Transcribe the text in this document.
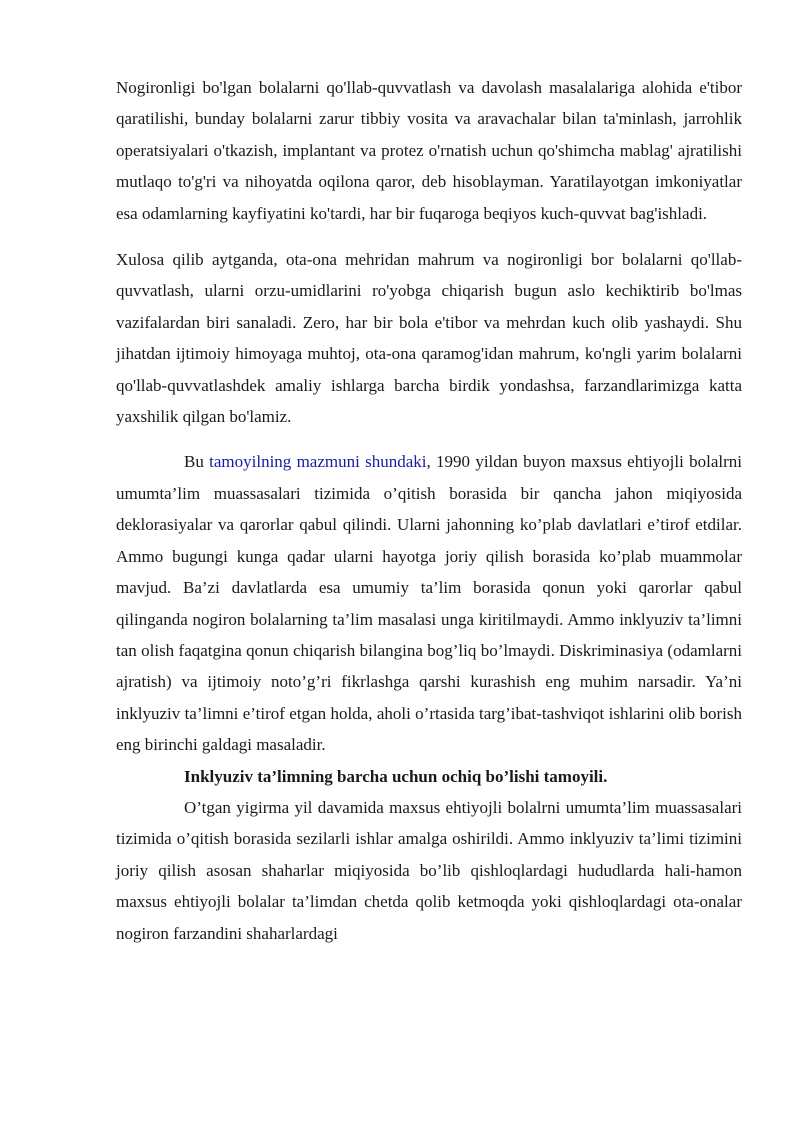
Nogironligi bo'lgan bolalarni qo'llab-quvvatlash va davolash masalalariga alohida e'tibor qaratilishi, bunday bolalarni zarur tibbiy vosita va aravachalar bilan ta'minlash, jarrohlik operatsiyalari o'tkazish, implantant va protez o'rnatish uchun qo'shimcha mablag' ajratilishi mutlaqo to'g'ri va nihoyatda oqilona qaror, deb hisoblayman. Yaratilayotgan imkoniyatlar esa odamlarning kayfiyatini ko'tardi, har bir fuqaroga beqiyos kuch-quvvat bag'ishladi.

Xulosa qilib aytganda, ota-ona mehridan mahrum va nogironligi bor bolalarni qo'llab-quvvatlash, ularni orzu-umidlarini ro'yobga chiqarish bugun aslo kechiktirib bo'lmas vazifalardan biri sanaladi. Zero, har bir bola e'tibor va mehrdan kuch olib yashaydi. Shu jihatdan ijtimoiy himoyaga muhtoj, ota-ona qaramog'idan mahrum, ko'ngli yarim bolalarni qo'llab-quvvatlashdek amaliy ishlarga barcha birdik yondashsa, farzandlarimizga katta yaxshilik qilgan bo'lamiz.

Bu tamoyilning mazmuni shundaki, 1990 yildan buyon maxsus ehtiyojli bolalrni umumta’lim muassasalari tizimida o’qitish borasida bir qancha jahon miqiyosida deklorasiyalar va qarorlar qabul qilindi. Ularni jahonning ko’plab davlatlari e’tirof etdilar. Ammo bugungi kunga qadar ularni hayotga joriy qilish borasida ko’plab muammolar mavjud. Ba’zi davlatlarda esa umumiy ta’lim borasida qonun yoki qarorlar qabul qilinganda nogiron bolalarning ta’lim masalasi unga kiritilmaydi. Ammo inklyuziv ta’limni tan olish faqatgina qonun chiqarish bilangina bog’liq bo’lmaydi. Diskriminasiya (odamlarni ajratish) va ijtimoiy noto’g’ri fikrlashga qarshi kurashish eng muhim narsadir. Ya’ni inklyuziv ta’limni e’tirof etgan holda, aholi o’rtasida targ’ibat-tashviqot ishlarini olib borish eng birinchi galdagi masaladir.

Inklyuziv ta’limning barcha uchun ochiq bo’lishi tamoyili.

O’tgan yigirma yil davamida maxsus ehtiyojli bolalrni umumta’lim muassasalari tizimida o’qitish borasida sezilarli ishlar amalga oshirildi. Ammo inklyuziv ta’limi tizimini joriy qilish asosan shaharlar miqiyosida bo’lib qishloqlardagi hududlarda hali-hamon maxsus ehtiyojli bolalar ta’limdan chetda qolib ketmoqda yoki qishloqlardagi ota-onalar nogiron farzandini shaharlardagi
